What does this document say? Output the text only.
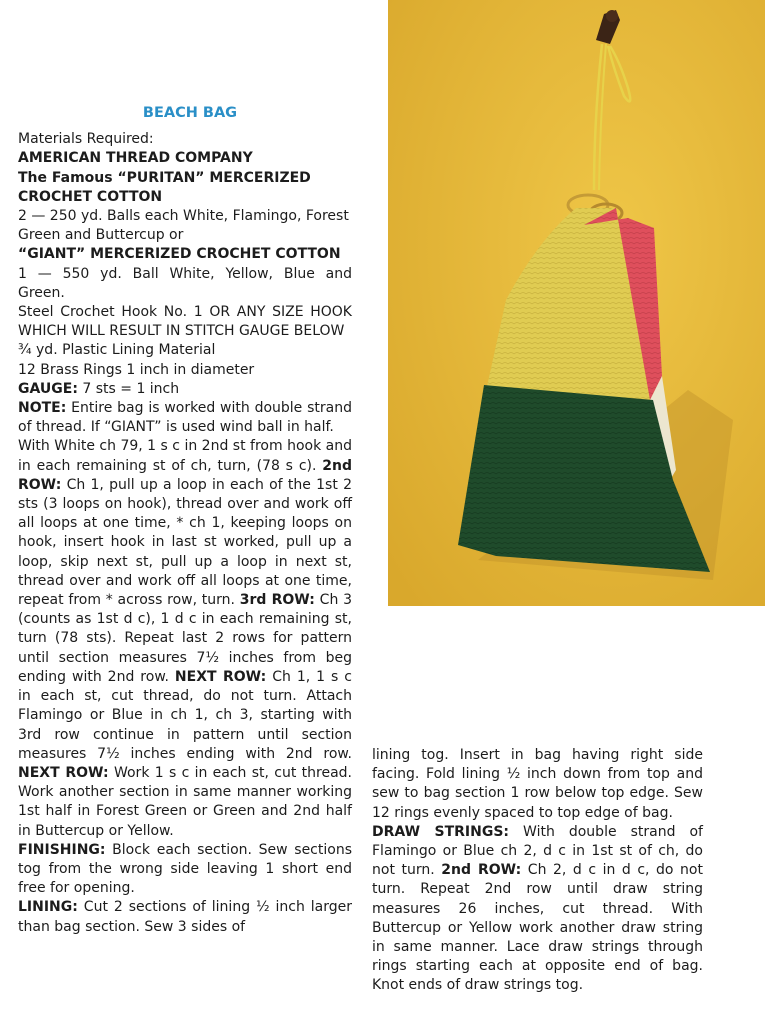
BEACH BAG

Materials Required:

AMERICAN THREAD COMPANY

The Famous “PURITAN” MERCERIZED CROCHET COTTON

2 — 250 yd. Balls each White, Flamingo, Forest Green and Buttercup or

“GIANT” MERCERIZED CROCHET COTTON

1 — 550 yd. Ball White, Yellow, Blue and Green.

Steel Crochet Hook No. 1 OR ANY SIZE HOOK WHICH WILL RESULT IN STITCH GAUGE BELOW

¾ yd. Plastic Lining Material

12 Brass Rings 1 inch in diameter

GAUGE: 7 sts = 1 inch

NOTE: Entire bag is worked with double strand of thread. If “GIANT” is used wind ball in half.

With White ch 79, 1 s c in 2nd st from hook and in each remaining st of ch, turn, (78 s c). 2nd ROW: Ch 1, pull up a loop in each of the 1st 2 sts (3 loops on hook), thread over and work off all loops at one time, * ch 1, keeping loops on hook, insert hook in last st worked, pull up a loop, skip next st, pull up a loop in next st, thread over and work off all loops at one time, repeat from * across row, turn. 3rd ROW: Ch 3 (counts as 1st d c), 1 d c in each remaining st, turn (78 sts). Repeat last 2 rows for pattern until section measures 7½ inches from beg ending with 2nd row. NEXT ROW: Ch 1, 1 s c in each st, cut thread, do not turn. Attach Flamingo or Blue in ch 1, ch 3, starting with 3rd row continue in pattern until section measures 7½ inches ending with 2nd row. NEXT ROW: Work 1 s c in each st, cut thread. Work another section in same manner working 1st half in Forest Green or Green and 2nd half in Buttercup or Yellow.

FINISHING: Block each section. Sew sections tog from the wrong side leaving 1 short end free for opening.

LINING: Cut 2 sections of lining ½ inch larger than bag section. Sew 3 sides of

lining tog. Insert in bag having right side facing. Fold lining ½ inch down from top and sew to bag section 1 row below top edge. Sew 12 rings evenly spaced to top edge of bag.

DRAW STRINGS: With double strand of Flamingo or Blue ch 2, d c in 1st st of ch, do not turn. 2nd ROW: Ch 2, d c in d c, do not turn. Repeat 2nd row until draw string measures 26 inches, cut thread. With Buttercup or Yellow work another draw string in same manner. Lace draw strings through rings starting each at opposite end of bag. Knot ends of draw strings tog.
